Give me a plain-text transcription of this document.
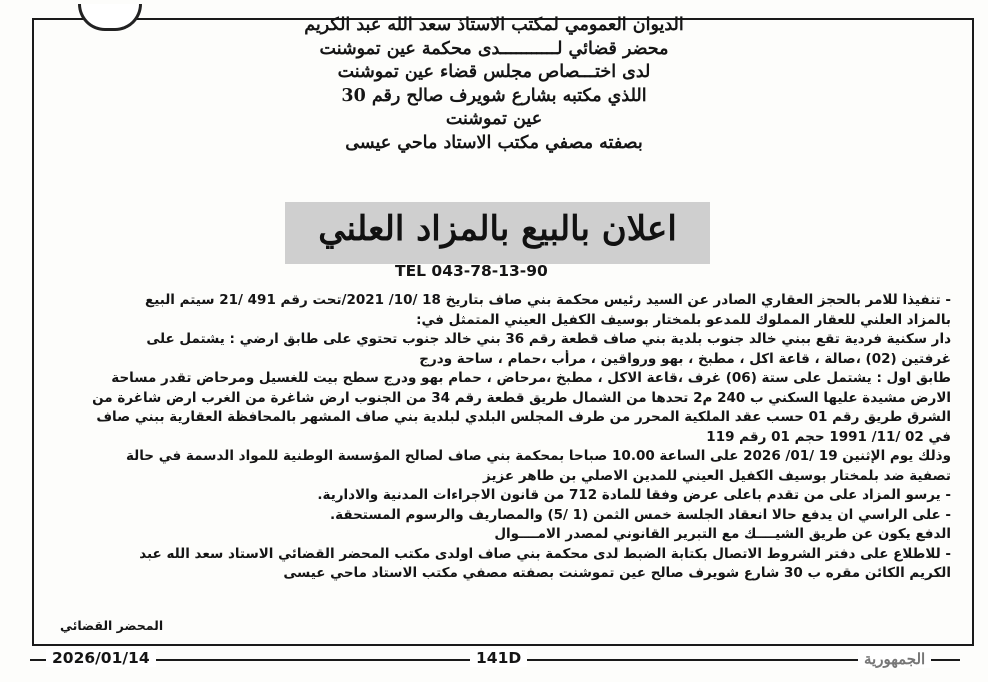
الديوان العمومي لمكتب الاستاذ سعد الله عبد الكريم
محضر قضائي لـــــــــــدى محكمة عين تموشنت
لدى اختـــصاص مجلس قضاء عين تموشنت
اللذي مكتبه بشارع شويرف صالح رقم 30
عين تموشنت
بصفته مصفي مكتب الاستاد ماحي عيسى
اعلان بالبيع بالمزاد العلني
TEL 043-78-13-90
- تنفيذا للامر بالحجز العقاري الصادر عن السيد رئيس محكمة بني صاف بتاريخ 18 /10/ 2021/تحت رقم 491 /21 سيتم البيع
بالمزاد العلني للعقار المملوك للمدعو بلمختار بوسيف الكفيل العيني المتمثل في:
دار سكنية فردية تقع ببني خالد جنوب بلدية بني صاف قطعة رقم 36 بني خالد جنوب تحتوي على طابق ارضي : يشتمل على
غرفتين (02) ،صالة ، قاعة اكل ، مطبخ ، بهو ورواقين ، مرأب ،حمام ، ساحة ودرج
طابق اول : يشتمل على ستة (06) غرف ،قاعة الاكل ، مطبخ ،مرحاض ، حمام بهو ودرج سطح بيت للغسيل ومرحاض تقدر مساحة
الارض مشيدة عليها السكني ب 240 م2 تحدها من الشمال طريق قطعة رقم 34 من الجنوب ارض شاغرة من الغرب ارض شاغرة من
الشرق طريق رقم 01 حسب عقد الملكية المحرر من طرف المجلس البلدي لبلدية بني صاف المشهر بالمحافظة العقارية ببني صاف
في 02 /11/ 1991 حجم 01 رقم 119
وذلك يوم الإثنين 19 /01/ 2026 على الساعة 10.00 صباحا بمحكمة بني صاف لصالح المؤسسة الوطنية للمواد الدسمة في حالة
تصفية ضد بلمختار بوسيف الكفيل العيني للمدين الاصلي بن طاهر عزيز
- يرسو المزاد على من تقدم باعلى عرض وفقا للمادة 712 من قانون الاجراءات المدنية والادارية.
- على الراسي ان يدفع حالا انعقاد الجلسة خمس الثمن (1 /5) والمصاريف والرسوم المستحقة.
الدفع يكون عن طريق الشيــــك مع التبرير القانوني لمصدر الامــــوال
- للاطلاع على دفتر الشروط الاتصال بكتابة الضبط لدى محكمة بني صاف اولدى مكتب المحضر القضائي الاستاد سعد الله عبد
الكريم الكائن مقره ب 30 شارع شويرف صالح عين تموشنت بصفته مصفي مكتب الاستاد ماحي عيسى
المحضر القضائي
2026/01/14	141D	الجمهورية
